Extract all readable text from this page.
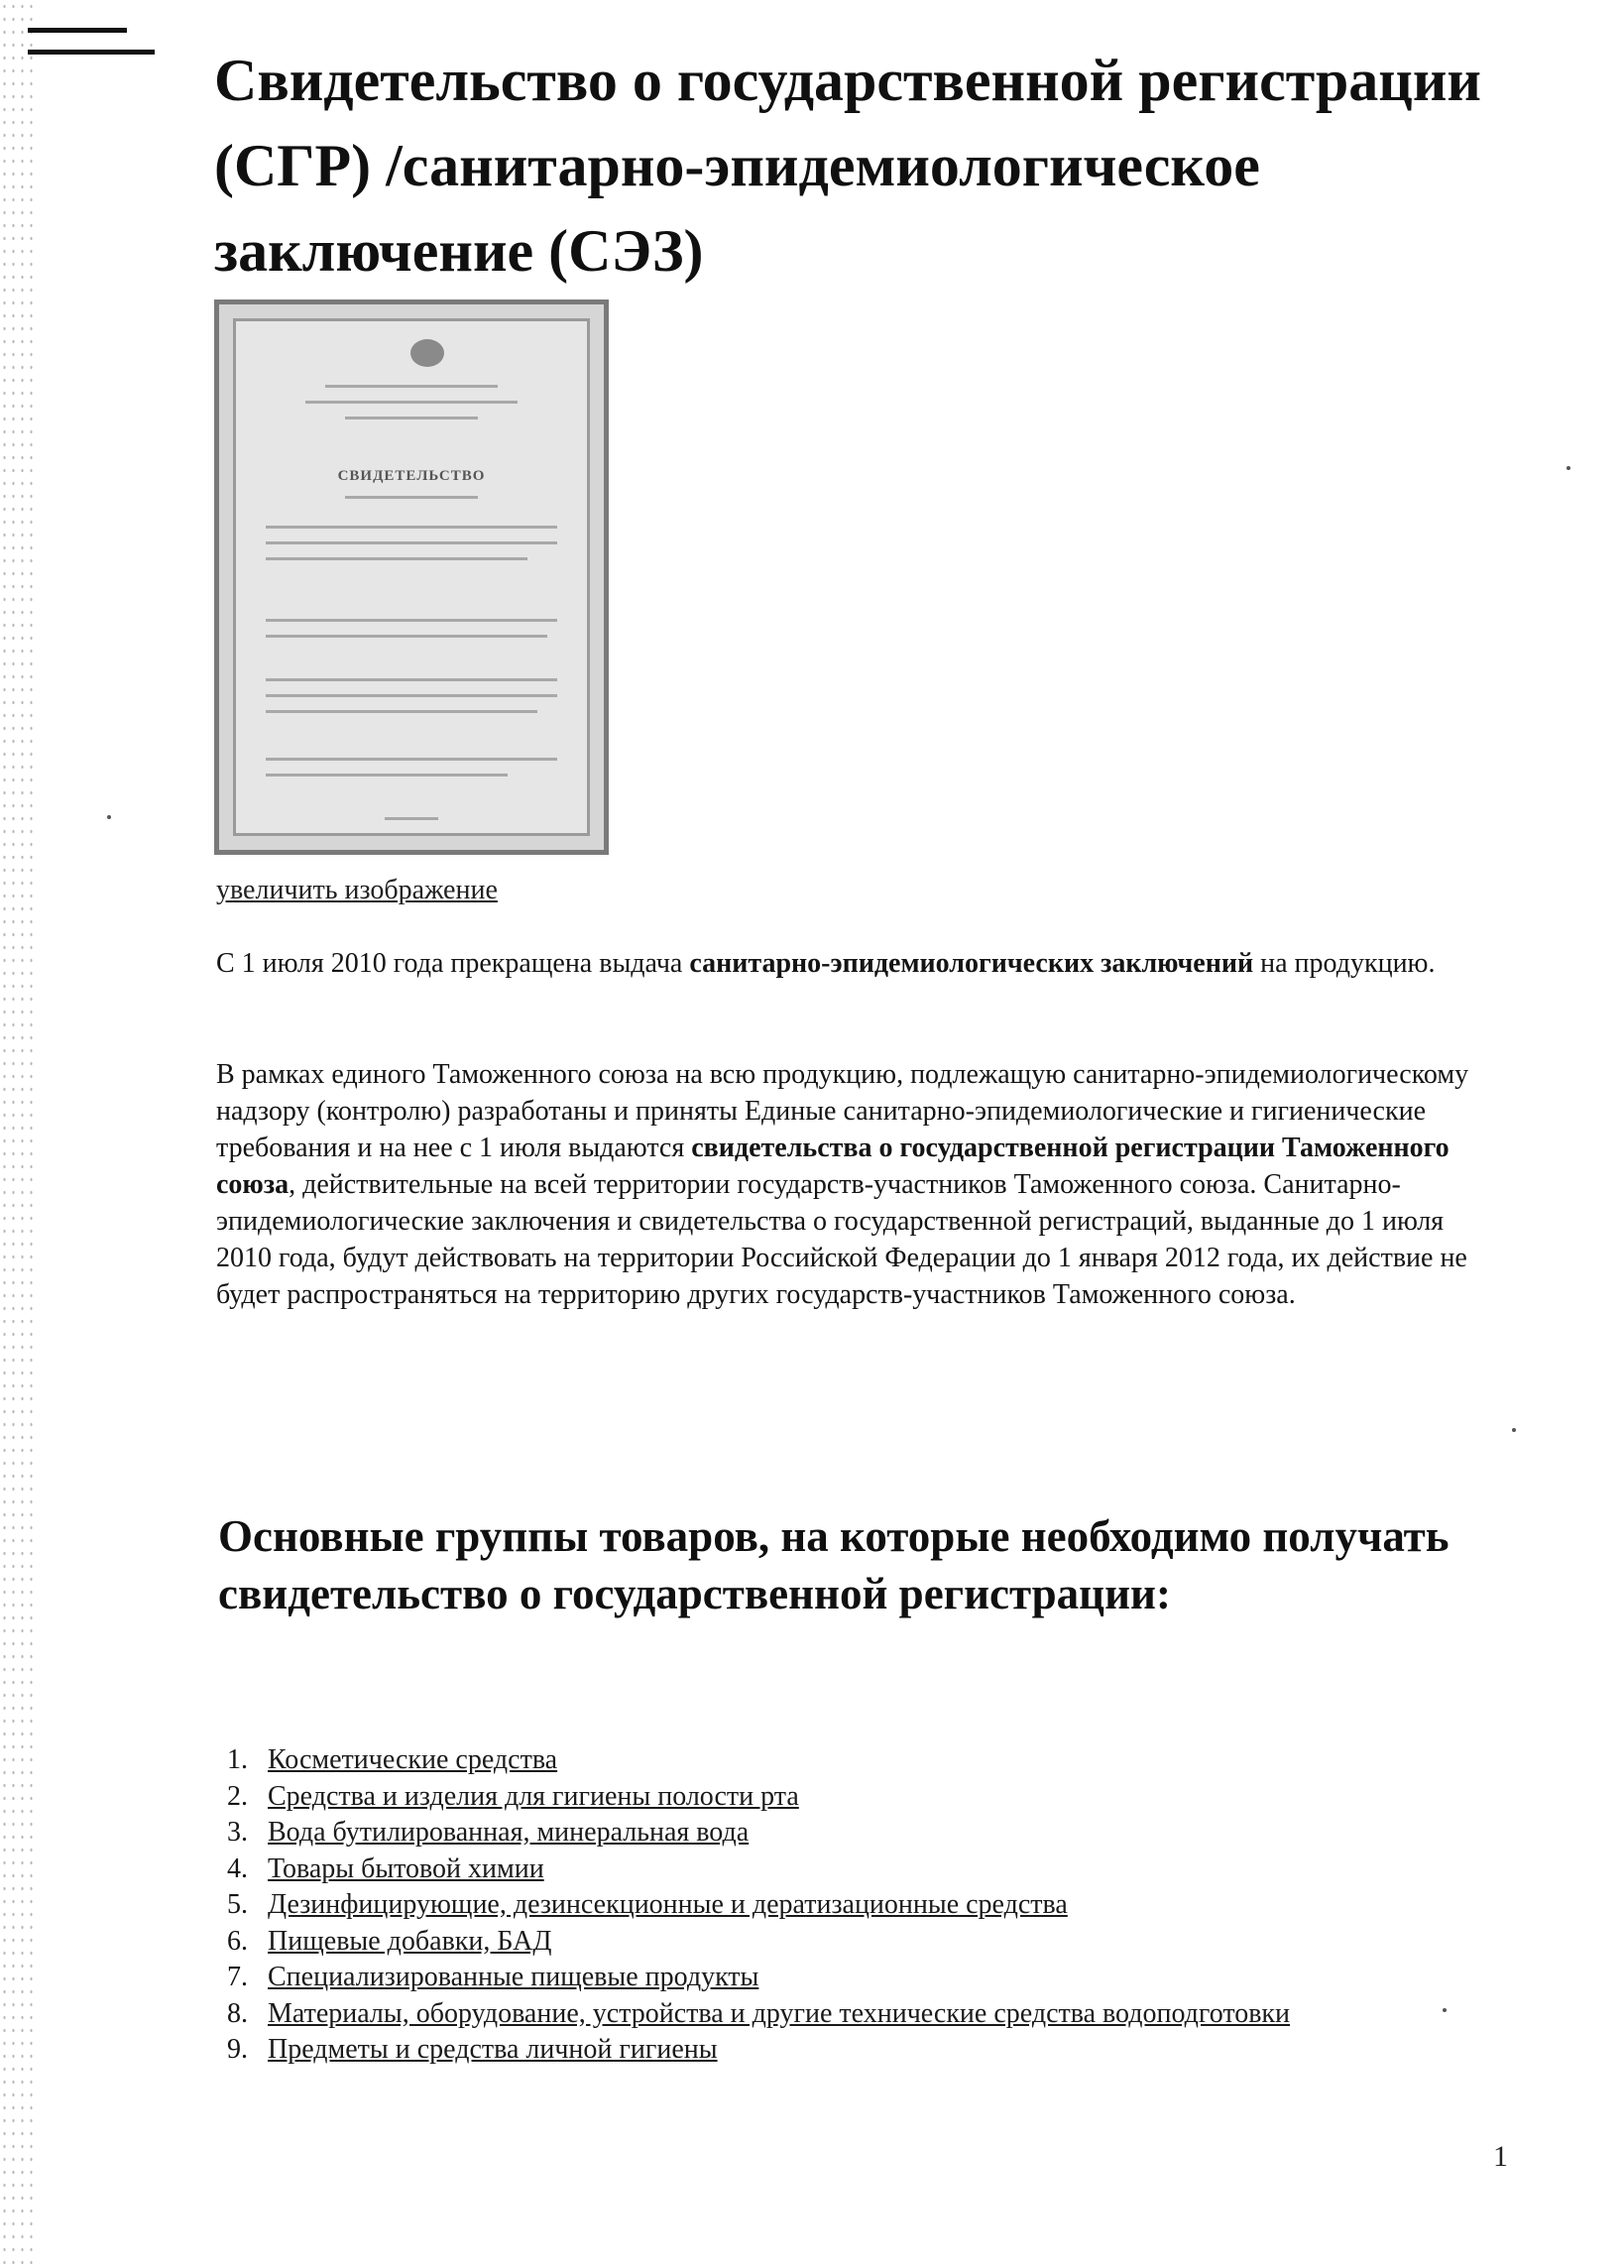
Свидетельство о государственной регистрации (СГР) /санитарно-эпидемиологическое заключение (СЭЗ)
СВИДЕТЕЛЬСТВО
увеличить изображение

С 1 июля 2010 года прекращена выдача санитарно-эпидемиологических заключений на продукцию.

В рамках единого Таможенного союза на всю продукцию, подлежащую санитарно-эпидемиологическому надзору (контролю) разработаны и приняты Единые санитарно-эпидемиологические и гигиенические требования и на нее с 1 июля выдаются свидетельства о государственной регистрации Таможенного союза, действительные на всей территории государств-участников Таможенного союза. Санитарно-эпидемиологические заключения и свидетельства о государственной регистраций, выданные до 1 июля 2010 года, будут действовать на территории Российской Федерации до 1 января 2012 года, их действие не будет распространяться на территорию других государств-участников Таможенного союза.

Основные группы товаров, на которые необходимо получать свидетельство о государственной регистрации:
1. Косметические средства
2. Средства и изделия для гигиены полости рта
3. Вода бутилированная, минеральная вода
4. Товары бытовой химии
5. Дезинфицирующие, дезинсекционные и дератизационные средства
6. Пищевые добавки, БАД
7. Специализированные пищевые продукты
8. Материалы, оборудование, устройства и другие технические средства водоподготовки
9. Предметы и средства личной гигиены
1
